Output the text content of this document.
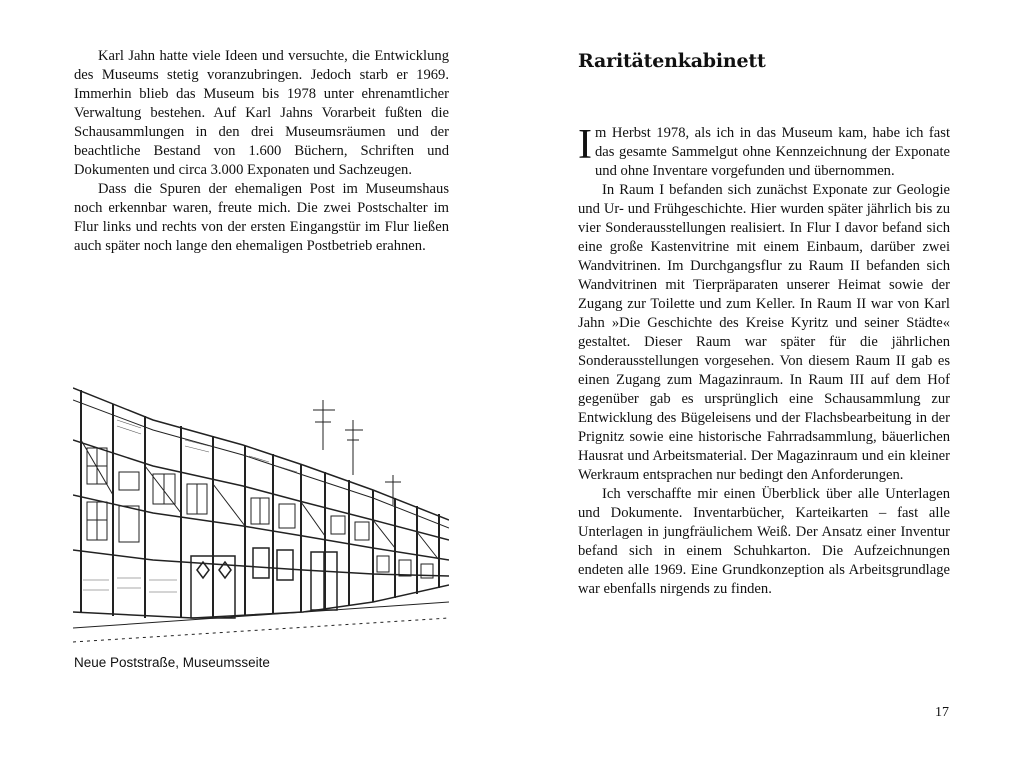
Karl Jahn hatte viele Ideen und versuchte, die Entwicklung des Museums stetig voranzubringen. Jedoch starb er 1969. Immerhin blieb das Museum bis 1978 unter ehrenamtlicher Verwaltung bestehen. Auf Karl Jahns Vorarbeit fußten die Schausammlungen in den drei Museumsräumen und der beachtliche Bestand von 1.600 Büchern, Schriften und Dokumenten und circa 3.000 Exponaten und Sachzeugen.

Dass die Spuren der ehemaligen Post im Museumshaus noch erkennbar waren, freute mich. Die zwei Postschalter im Flur links und rechts von der ersten Eingangstür im Flur ließen auch später noch lange den ehemaligen Postbetrieb erahnen.

Neue Poststraße, Museumsseite
Raritätenkabinett

Im Herbst 1978, als ich in das Museum kam, habe ich fast das gesamte Sammelgut ohne Kennzeichnung der Exponate und ohne Inventare vorgefunden und übernommen.

In Raum I befanden sich zunächst Exponate zur Geologie und Ur- und Frühgeschichte. Hier wurden später jährlich bis zu vier Sonderausstellungen realisiert. In Flur I davor befand sich eine große Kastenvitrine mit einem Einbaum, darüber zwei Wandvitrinen. Im Durchgangsflur zu Raum II befanden sich Wandvitrinen mit Tierpräparaten unserer Heimat sowie der Zugang zur Toilette und zum Keller. In Raum II war von Karl Jahn »Die Geschichte des Kreise Kyritz und seiner Städte« gestaltet. Dieser Raum war später für die jährlichen Sonderausstellungen vorgesehen. Von diesem Raum II gab es einen Zugang zum Magazinraum. In Raum III auf dem Hof gegenüber gab es ursprünglich eine Schausammlung zur Entwicklung des Bügeleisens und der Flachsbearbeitung in der Prignitz sowie eine historische Fahrradsammlung, bäuerlichen Hausrat und Arbeitsmaterial. Der Magazinraum und ein kleiner Werkraum entsprachen nur bedingt den Anforderungen.

Ich verschaffte mir einen Überblick über alle Unterlagen und Dokumente. Inventarbücher, Karteikarten – fast alle Unterlagen in jungfräulichem Weiß. Der Ansatz einer Inventur befand sich in einem Schuhkarton. Die Aufzeichnungen endeten alle 1969. Eine Grundkonzeption als Arbeitsgrundlage war ebenfalls nirgends zu finden.

17
